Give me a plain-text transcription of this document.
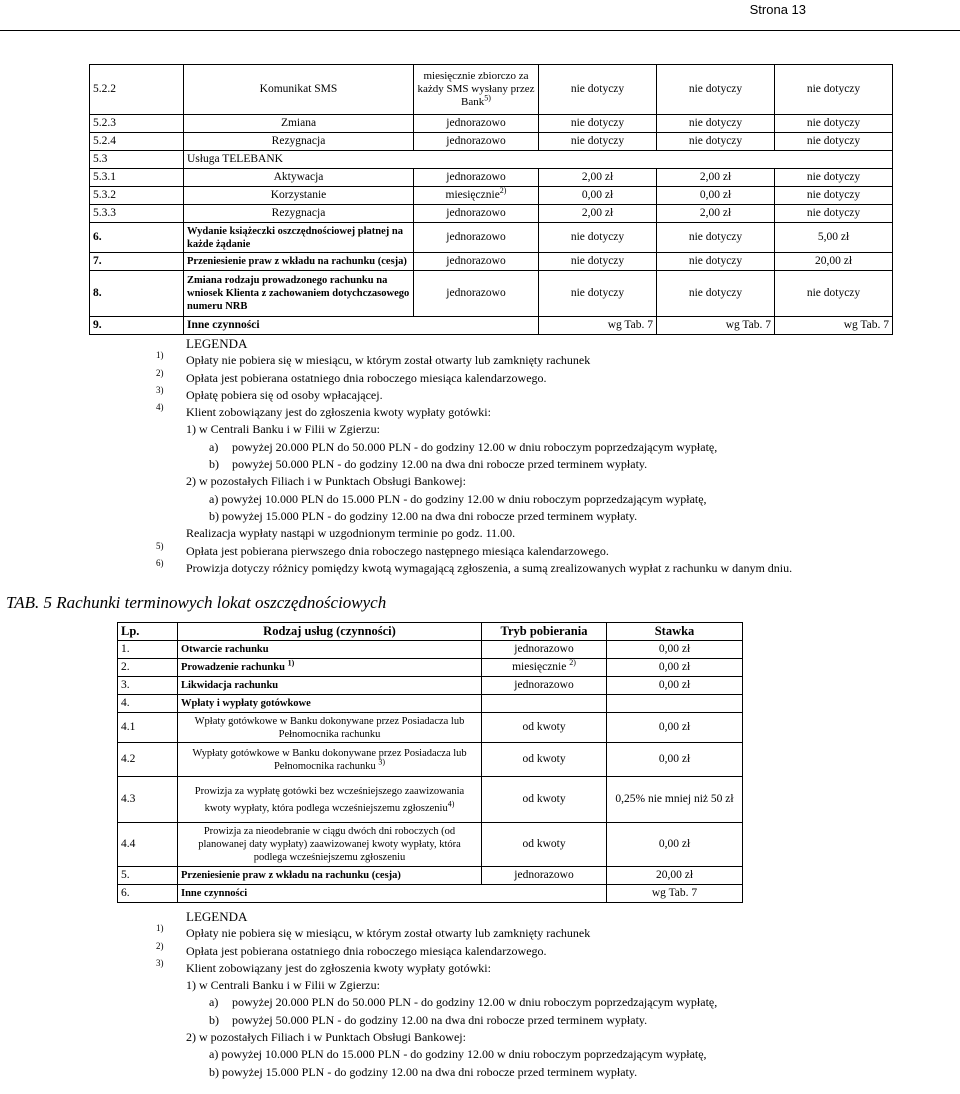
Strona 13
5.2.2	Komunikat SMS	miesięcznie zbiorczo za każdy SMS wysłany przez Bank$^{5)}$	nie dotyczy	nie dotyczy	nie dotyczy
5.2.3	Zmiana	jednorazowo	nie dotyczy	nie dotyczy	nie dotyczy
5.2.4	Rezygnacja	jednorazowo	nie dotyczy	nie dotyczy	nie dotyczy
5.3	Usługa TELEBANK				
5.3.1	Aktywacja	jednorazowo	2,00 zł	2,00 zł	nie dotyczy
5.3.2	Korzystanie	miesięcznie$^{2)}$	0,00 zł	0,00 zł	nie dotyczy
5.3.3	Rezygnacja	jednorazowo	2,00 zł	2,00 zł	nie dotyczy
6.	Wydanie książeczki oszczędnościowej płatnej na każde żądanie	jednorazowo	nie dotyczy	nie dotyczy	5,00 zł
7.	Przeniesienie praw z wkładu na rachunku (cesja)	jednorazowo	nie dotyczy	nie dotyczy	20,00 zł
8.	Zmiana rodzaju prowadzonego rachunku na wniosek Klienta z zachowaniem dotychczasowego numeru NRB	jednorazowo	nie dotyczy	nie dotyczy	nie dotyczy
9.	Inne czynności		wg Tab. 7	wg Tab. 7	wg Tab. 7
LEGENDA
1) Opłaty nie pobiera się w miesiącu, w którym został otwarty lub zamknięty rachunek
2) Opłata jest pobierana ostatniego dnia roboczego miesiąca kalendarzowego.
3) Opłatę pobiera się od osoby wpłacającej.
4) Klient zobowiązany jest do zgłoszenia kwoty wypłaty gotówki:
1) w Centrali Banku i w Filii w Zgierzu:
a) powyżej 20.000 PLN do 50.000 PLN - do godziny 12.00 w dniu roboczym poprzedzającym wypłatę,
b) powyżej 50.000 PLN - do godziny 12.00 na dwa dni robocze przed terminem wypłaty.
2) w pozostałych Filiach i w Punktach Obsługi Bankowej:
a) powyżej 10.000 PLN do 15.000 PLN - do godziny 12.00 w dniu roboczym poprzedzającym wypłatę,
b) powyżej 15.000 PLN - do godziny 12.00 na dwa dni robocze przed terminem wypłaty.
Realizacja wypłaty nastąpi w uzgodnionym terminie po godz. 11.00.
5) Opłata jest pobierana pierwszego dnia roboczego następnego miesiąca kalendarzowego.
6) Prowizja dotyczy różnicy pomiędzy kwotą wymagającą zgłoszenia, a sumą zrealizowanych wypłat z rachunku w danym dniu.
TAB. 5 Rachunki terminowych lokat oszczędnościowych
Lp.	Rodzaj usług (czynności)	Tryb pobierania	Stawka
1.	Otwarcie rachunku	jednorazowo	0,00 zł
2.	Prowadzenie rachunku $^{1)}$	miesięcznie $^{2)}$	0,00 zł
3.	Likwidacja rachunku	jednorazowo	0,00 zł
4.	Wpłaty i wypłaty gotówkowe		
4.1	Wpłaty gotówkowe w Banku dokonywane przez Posiadacza lub Pełnomocnika rachunku	od kwoty	0,00 zł
4.2	Wypłaty gotówkowe w Banku dokonywane przez Posiadacza lub Pełnomocnika rachunku $^{3)}$	od kwoty	0,00 zł
4.3	Prowizja za wypłatę gotówki bez wcześniejszego zaawizowania kwoty wypłaty, która podlega wcześniejszemu zgłoszeniu$^{4)}$	od kwoty	0,25% nie mniej niż 50 zł
4.4	Prowizja za nieodebranie w ciągu dwóch dni roboczych (od planowanej daty wypłaty) zaawizowanej kwoty wypłaty, która podlega wcześniejszemu zgłoszeniu	od kwoty	0,00 zł
5.	Przeniesienie praw z wkładu na rachunku (cesja)	jednorazowo	20,00 zł
6.	Inne czynności		wg Tab. 7
LEGENDA
1) Opłaty nie pobiera się w miesiącu, w którym został otwarty lub zamknięty rachunek
2) Opłata jest pobierana ostatniego dnia roboczego miesiąca kalendarzowego.
3) Klient zobowiązany jest do zgłoszenia kwoty wypłaty gotówki:
1) w Centrali Banku i w Filii w Zgierzu:
a) powyżej 20.000 PLN do 50.000 PLN - do godziny 12.00 w dniu roboczym poprzedzającym wypłatę,
b) powyżej 50.000 PLN - do godziny 12.00 na dwa dni robocze przed terminem wypłaty.
2) w pozostałych Filiach i w Punktach Obsługi Bankowej:
a) powyżej 10.000 PLN do 15.000 PLN - do godziny 12.00 w dniu roboczym poprzedzającym wypłatę,
b) powyżej 15.000 PLN - do godziny 12.00 na dwa dni robocze przed terminem wypłaty.
